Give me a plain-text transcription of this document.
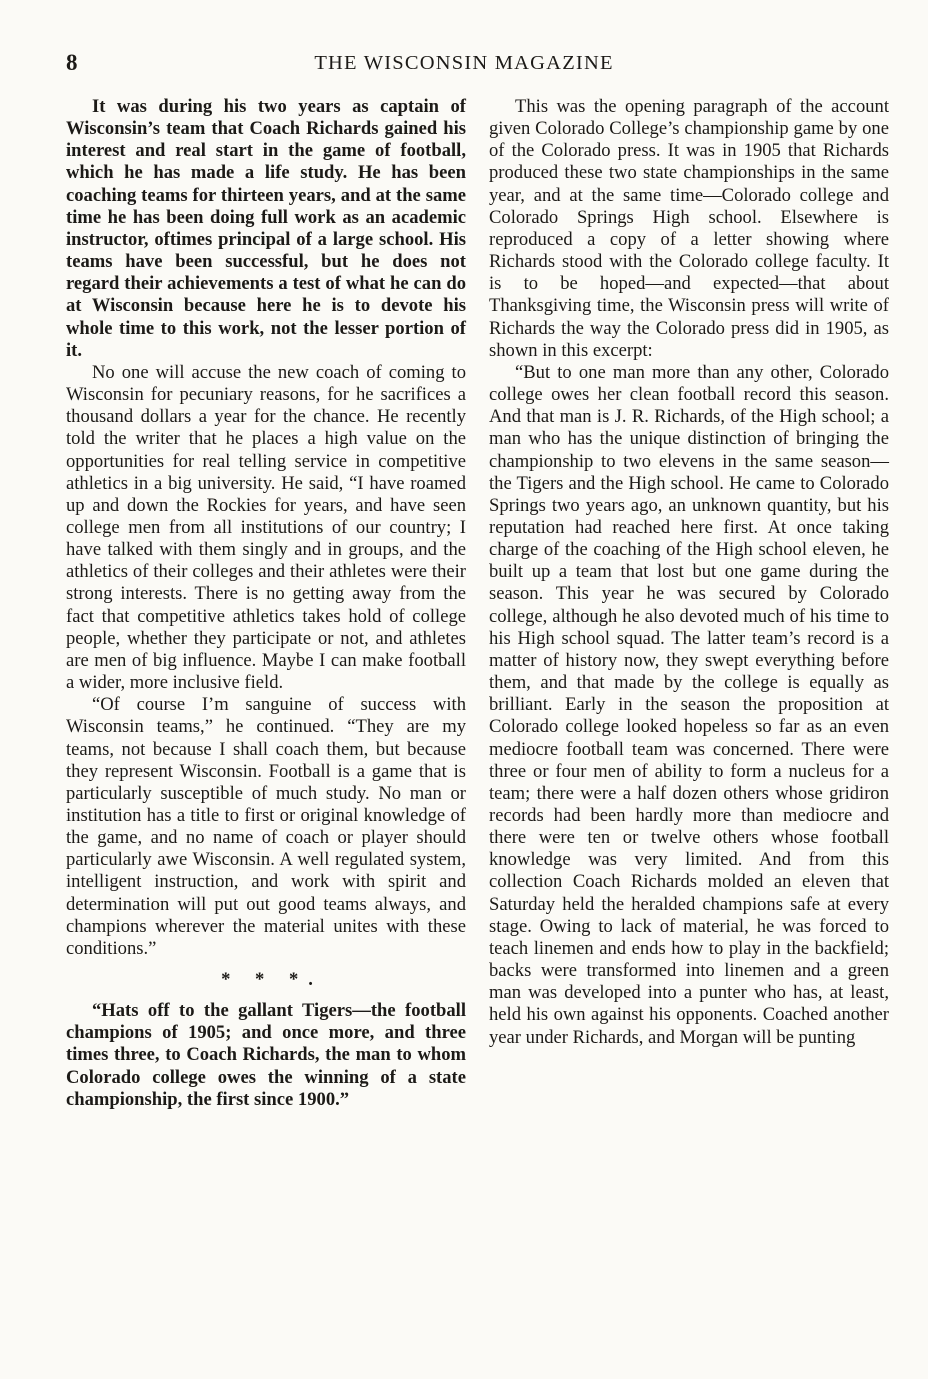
8	THE WISCONSIN MAGAZINE

It was during his two years as captain of Wisconsin’s team that Coach Richards gained his interest and real start in the game of football, which he has made a life study. He has been coaching teams for thirteen years, and at the same time he has been doing full work as an academic instructor, oftimes principal of a large school. His teams have been successful, but he does not regard their achievements a test of what he can do at Wisconsin because here he is to devote his whole time to this work, not the lesser portion of it.

No one will accuse the new coach of coming to Wisconsin for pecuniary reasons, for he sacrifices a thousand dollars a year for the chance. He recently told the writer that he places a high value on the opportunities for real telling service in competitive athletics in a big university. He said, “I have roamed up and down the Rockies for years, and have seen college men from all institutions of our country; I have talked with them singly and in groups, and the athletics of their colleges and their athletes were their strong interests. There is no getting away from the fact that competitive athletics takes hold of college people, whether they participate or not, and athletes are men of big influence. Maybe I can make football a wider, more inclusive field.

“Of course I’m sanguine of success with Wisconsin teams,” he continued. “They are my teams, not because I shall coach them, but because they represent Wisconsin. Football is a game that is particularly susceptible of much study. No man or institution has a title to first or original knowledge of the game, and no name of coach or player should particularly awe Wisconsin. A well regulated system, intelligent instruction, and work with spirit and determination will put out good teams always, and champions wherever the material unites with these conditions.”

* * *.

“Hats off to the gallant Tigers—the football champions of 1905; and once more, and three times three, to Coach Richards, the man to whom Colorado college owes the winning of a state championship, the first since 1900.”

This was the opening paragraph of the account given Colorado College’s championship game by one of the Colorado press. It was in 1905 that Richards produced these two state championships in the same year, and at the same time—Colorado college and Colorado Springs High school. Elsewhere is reproduced a copy of a letter showing where Richards stood with the Colorado college faculty. It is to be hoped—and expected—that about Thanksgiving time, the Wisconsin press will write of Richards the way the Colorado press did in 1905, as shown in this excerpt:

“But to one man more than any other, Colorado college owes her clean football record this season. And that man is J. R. Richards, of the High school; a man who has the unique distinction of bringing the championship to two elevens in the same season—the Tigers and the High school. He came to Colorado Springs two years ago, an unknown quantity, but his reputation had reached here first. At once taking charge of the coaching of the High school eleven, he built up a team that lost but one game during the season. This year he was secured by Colorado college, although he also devoted much of his time to his High school squad. The latter team’s record is a matter of history now, they swept everything before them, and that made by the college is equally as brilliant. Early in the season the proposition at Colorado college looked hopeless so far as an even mediocre football team was concerned. There were three or four men of ability to form a nucleus for a team; there were a half dozen others whose gridiron records had been hardly more than mediocre and there were ten or twelve others whose football knowledge was very limited. And from this collection Coach Richards molded an eleven that Saturday held the heralded champions safe at every stage. Owing to lack of material, he was forced to teach linemen and ends how to play in the backfield; backs were transformed into linemen and a green man was developed into a punter who has, at least, held his own against his opponents. Coached another year under Richards, and Morgan will be punting
